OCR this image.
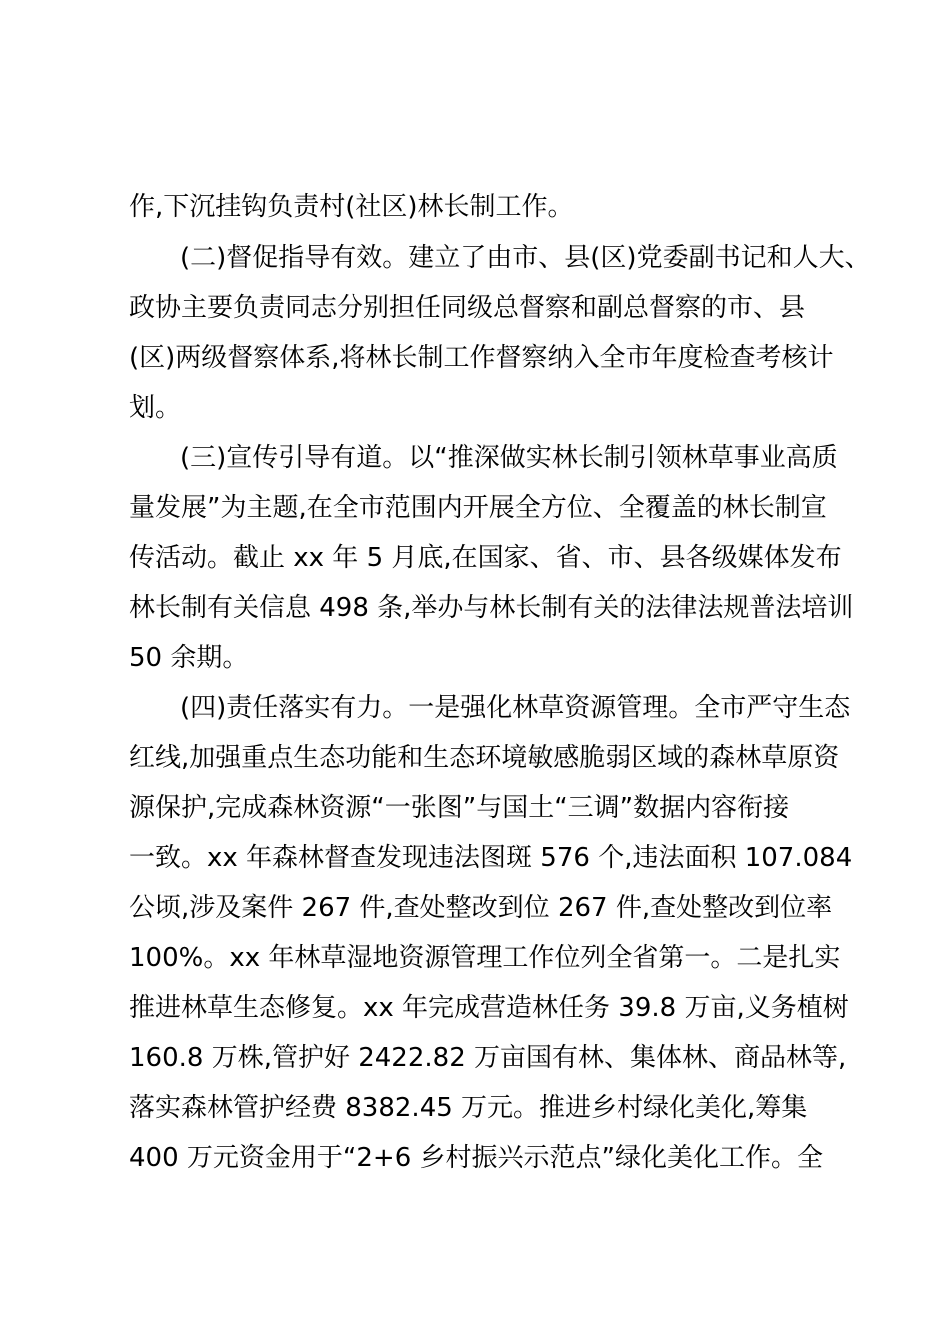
作,下沉挂钩负责村(社区)林长制工作。
(二)督促指导有效。建立了由市、县(区)党委副书记和人大、
政协主要负责同志分别担任同级总督察和副总督察的市、县
(区)两级督察体系,将林长制工作督察纳入全市年度检查考核计
划。
(三)宣传引导有道。以“推深做实林长制引领林草事业高质
量发展”为主题,在全市范围内开展全方位、全覆盖的林长制宣
传活动。截止 xx 年 5 月底,在国家、省、市、县各级媒体发布
林长制有关信息 498 条,举办与林长制有关的法律法规普法培训
50 余期。
(四)责任落实有力。一是强化林草资源管理。全市严守生态
红线,加强重点生态功能和生态环境敏感脆弱区域的森林草原资
源保护,完成森林资源“一张图”与国土“三调”数据内容衔接
一致。xx 年森林督查发现违法图斑 576 个,违法面积 107.084
公顷,涉及案件 267 件,查处整改到位 267 件,查处整改到位率
100%。xx 年林草湿地资源管理工作位列全省第一。二是扎实
推进林草生态修复。xx 年完成营造林任务 39.8 万亩,义务植树
160.8 万株,管护好 2422.82 万亩国有林、集体林、商品林等,
落实森林管护经费 8382.45 万元。推进乡村绿化美化,筹集
400 万元资金用于“2+6 乡村振兴示范点”绿化美化工作。全
